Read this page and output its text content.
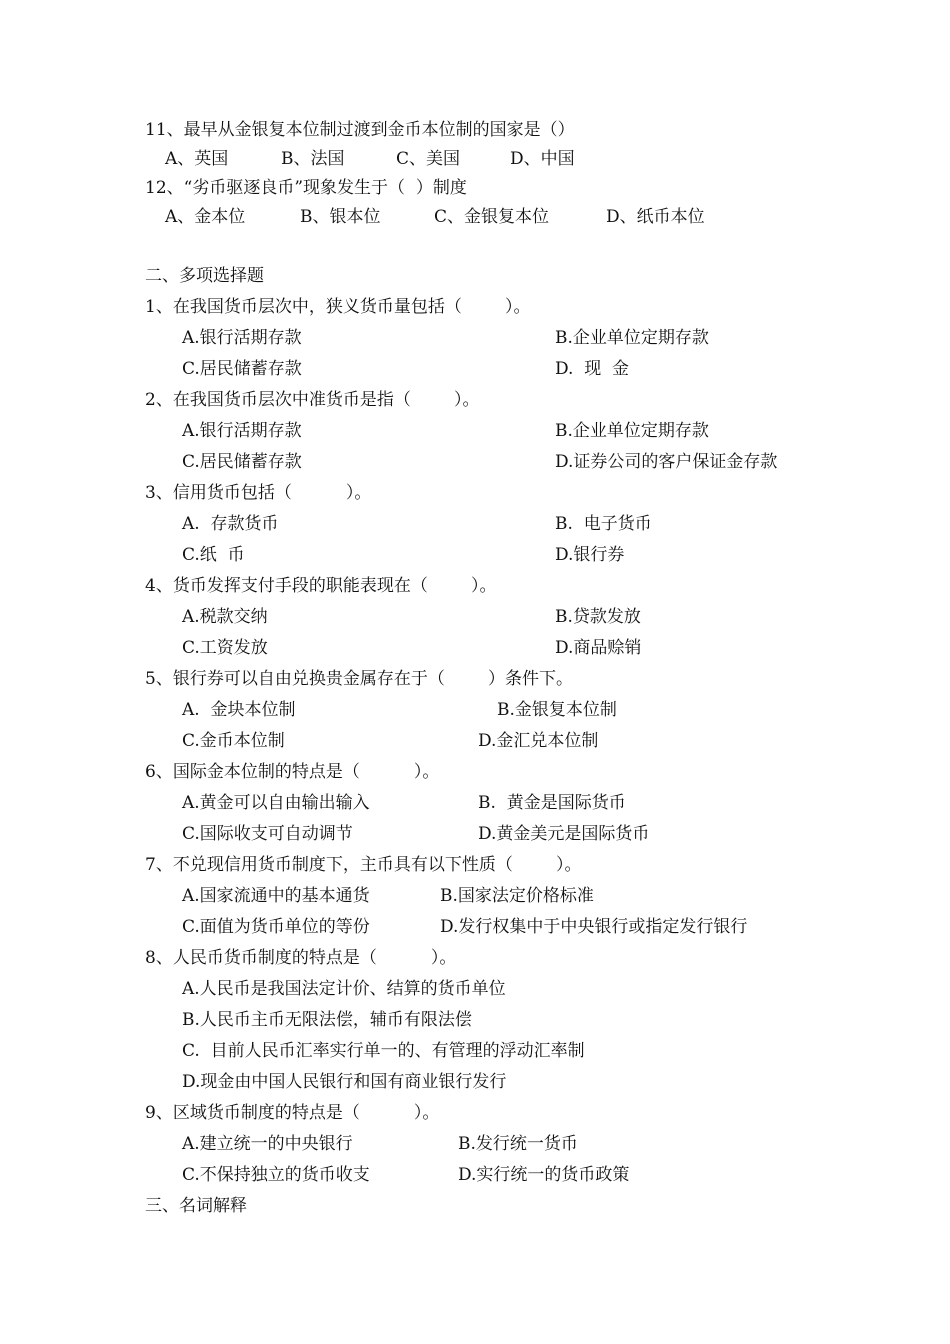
11、最早从金银复本位制过渡到金币本位制的国家是（）
A、英国	B、法国	C、美国	D、中国
12、“劣币驱逐良币”现象发生于（  ）制度
A、金本位	B、银本位	C、金银复本位	D、纸币本位
二、多项选择题
1、在我国货币层次中，狭义货币量包括（        ）。
A.银行活期存款	B.企业单位定期存款
C.居民储蓄存款	D.  现  金
2、在我国货币层次中准货币是指（        ）。
A.银行活期存款	B.企业单位定期存款
C.居民储蓄存款	D.证券公司的客户保证金存款
3、信用货币包括（          ）。
A.  存款货币	B.  电子货币
C.纸  币	D.银行券
4、货币发挥支付手段的职能表现在（        ）。
A.税款交纳	B.贷款发放
C.工资发放	D.商品赊销
5、银行券可以自由兑换贵金属存在于（        ）条件下。
A.  金块本位制	B.金银复本位制
C.金币本位制	D.金汇兑本位制
6、国际金本位制的特点是（          ）。
A.黄金可以自由输出输入	B.  黄金是国际货币
C.国际收支可自动调节	D.黄金美元是国际货币
7、不兑现信用货币制度下，主币具有以下性质（        ）。
A.国家流通中的基本通货	B.国家法定价格标准
C.面值为货币单位的等份	D.发行权集中于中央银行或指定发行银行
8、人民币货币制度的特点是（          ）。
A.人民币是我国法定计价、结算的货币单位
B.人民币主币无限法偿，辅币有限法偿
C.  目前人民币汇率实行单一的、有管理的浮动汇率制
D.现金由中国人民银行和国有商业银行发行
9、区域货币制度的特点是（          ）。
A.建立统一的中央银行	B.发行统一货币
C.不保持独立的货币收支	D.实行统一的货币政策
三、名词解释
